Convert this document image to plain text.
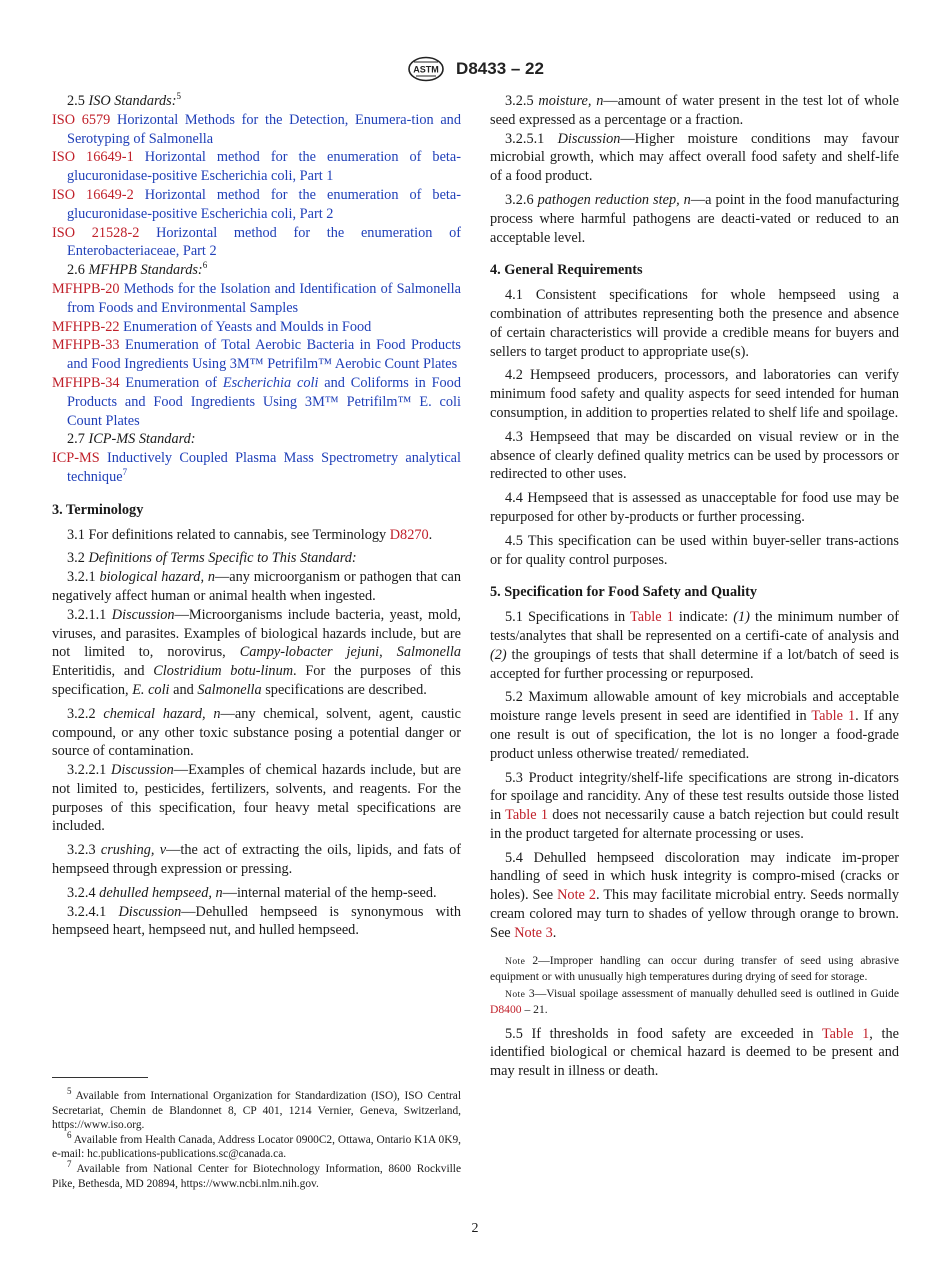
ASTM D8433 – 22

2.5 ISO Standards:$^5$

ISO 6579 Horizontal Methods for the Detection, Enumera-tion and Serotyping of Salmonella

ISO 16649-1 Horizontal method for the enumeration of beta-glucuronidase-positive Escherichia coli, Part 1

ISO 16649-2 Horizontal method for the enumeration of beta-glucuronidase-positive Escherichia coli, Part 2

ISO 21528-2 Horizontal method for the enumeration of Enterobacteriaceae, Part 2

2.6 MFHPB Standards:$^6$

MFHPB-20 Methods for the Isolation and Identification of Salmonella from Foods and Environmental Samples

MFHPB-22 Enumeration of Yeasts and Moulds in Food

MFHPB-33 Enumeration of Total Aerobic Bacteria in Food Products and Food Ingredients Using 3M™ Petrifilm™ Aerobic Count Plates

MFHPB-34 Enumeration of Escherichia coli and Coliforms in Food Products and Food Ingredients Using 3M™ Petrifilm™ E. coli Count Plates

2.7 ICP-MS Standard:

ICP-MS Inductively Coupled Plasma Mass Spectrometry analytical technique$^7$

3. Terminology

3.1 For definitions related to cannabis, see Terminology D8270.

3.2 Definitions of Terms Specific to This Standard:

3.2.1 biological hazard, n—any microorganism or pathogen that can negatively affect human or animal health when ingested.

3.2.1.1 Discussion—Microorganisms include bacteria, yeast, mold, viruses, and parasites. Examples of biological hazards include, but are not limited to, norovirus, Campy-lobacter jejuni, Salmonella Enteritidis, and Clostridium botu-linum. For the purposes of this specification, E. coli and Salmonella specifications are described.

3.2.2 chemical hazard, n—any chemical, solvent, agent, caustic compound, or any other toxic substance posing a potential danger or source of contamination.

3.2.2.1 Discussion—Examples of chemical hazards include, but are not limited to, pesticides, fertilizers, solvents, and reagents. For the purposes of this specification, four heavy metal specifications are included.

3.2.3 crushing, v—the act of extracting the oils, lipids, and fats of hempseed through expression or pressing.

3.2.4 dehulled hempseed, n—internal material of the hemp-seed.

3.2.4.1 Discussion—Dehulled hempseed is synonymous with hempseed heart, hempseed nut, and hulled hempseed.

$^5$ Available from International Organization for Standardization (ISO), ISO Central Secretariat, Chemin de Blandonnet 8, CP 401, 1214 Vernier, Geneva, Switzerland, https://www.iso.org.

$^6$ Available from Health Canada, Address Locator 0900C2, Ottawa, Ontario K1A 0K9, e-mail: hc.publications-publications.sc@canada.ca.

$^7$ Available from National Center for Biotechnology Information, 8600 Rockville Pike, Bethesda, MD 20894, https://www.ncbi.nlm.nih.gov.

3.2.5 moisture, n—amount of water present in the test lot of whole seed expressed as a percentage or a fraction.

3.2.5.1 Discussion—Higher moisture conditions may favour microbial growth, which may affect overall food safety and shelf-life of a food product.

3.2.6 pathogen reduction step, n—a point in the food manufacturing process where harmful pathogens are deacti-vated or reduced to an acceptable level.

4. General Requirements

4.1 Consistent specifications for whole hempseed using a combination of attributes representing both the presence and absence of certain characteristics will provide a credible means for buyers and sellers to target product to appropriate use(s).

4.2 Hempseed producers, processors, and laboratories can verify minimum food safety and quality aspects for seed intended for human consumption, in addition to properties related to shelf life and spoilage.

4.3 Hempseed that may be discarded on visual review or in the absence of clearly defined quality metrics can be used by processors or redirected to other uses.

4.4 Hempseed that is assessed as unacceptable for food use may be repurposed for other by-products or further processing.

4.5 This specification can be used within buyer-seller trans-actions or for quality control purposes.

5. Specification for Food Safety and Quality

5.1 Specifications in Table 1 indicate: (1) the minimum number of tests/analytes that shall be represented on a certifi-cate of analysis and (2) the groupings of tests that shall determine if a lot/batch of seed is accepted for further processing or repurposed.

5.2 Maximum allowable amount of key microbials and acceptable moisture range levels present in seed are identified in Table 1. If any one result is out of specification, the lot is no longer a food-grade product unless otherwise treated/ remediated.

5.3 Product integrity/shelf-life specifications are strong in-dicators for spoilage and rancidity. Any of these test results outside those listed in Table 1 does not necessarily cause a batch rejection but could result in the product targeted for alternate processing or uses.

5.4 Dehulled hempseed discoloration may indicate im-proper handling of seed in which husk integrity is compro-mised (cracks or holes). See Note 2. This may facilitate microbial entry. Seeds normally cream colored may turn to shades of yellow through orange to brown. See Note 3.

Note 2—Improper handling can occur during transfer of seed using abrasive equipment or with unusually high temperatures during drying of seed for storage.

Note 3—Visual spoilage assessment of manually dehulled seed is outlined in Guide D8400 – 21.

5.5 If thresholds in food safety are exceeded in Table 1, the identified biological or chemical hazard is deemed to be present and may result in illness or death.

2
